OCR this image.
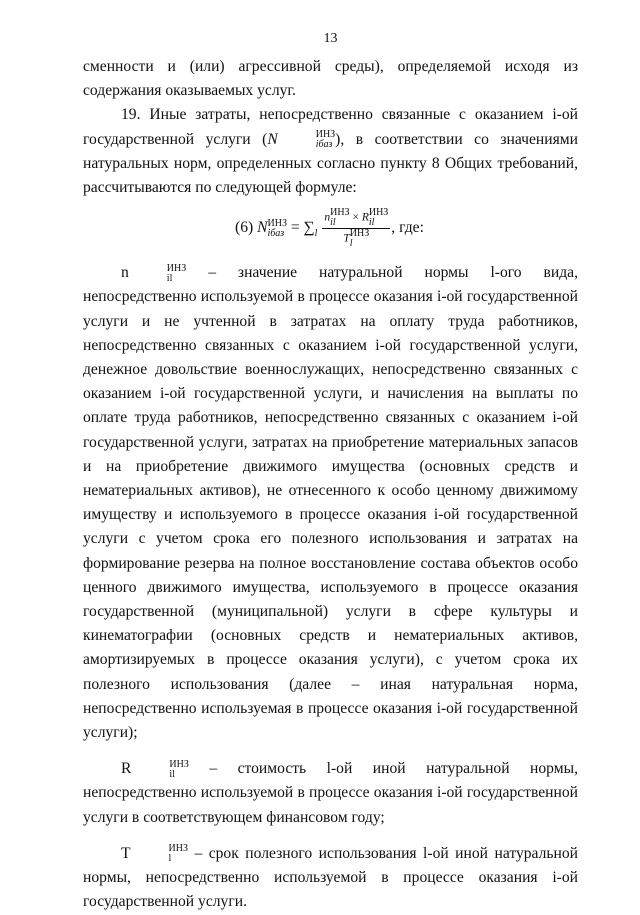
13

сменности и (или) агрессивной среды), определяемой исходя из содержания оказываемых услуг.

19. Иные затраты, непосредственно связанные с оказанием i-ой государственной услуги (N	ИНЗ
iбаз ), в соответствии со значениями натуральных норм, определенных согласно пункту 8 Общих требований, рассчитываются по следующей формуле:

(6) N ИНЗ
iбаз = $\sum_l$ n ИНЗ
il	× R ИНЗ
il
T ИНЗ
l , где:

n	ИНЗ
il – значение натуральной нормы l-ого вида, непосредственно используемой в процессе оказания i-ой государственной услуги и не учтенной в затратах на оплату труда работников, непосредственно связанных с оказанием i-ой государственной услуги, денежное довольствие военнослужащих, непосредственно связанных с оказанием i-ой государственной услуги, и начисления на выплаты по оплате труда работников, непосредственно связанных с оказанием i-ой государственной услуги, затратах на приобретение материальных запасов и на приобретение движимого имущества (основных средств и нематериальных активов), не отнесенного к особо ценному движимому имуществу и используемого в процессе оказания i-ой государственной услуги с учетом срока его полезного использования и затратах на формирование резерва на полное восстановление состава объектов особо ценного движимого имущества, используемого в процессе оказания государственной (муниципальной) услуги в сфере культуры и кинематографии (основных средств и нематериальных активов, амортизируемых в процессе оказания услуги), с учетом срока их полезного использования (далее – иная натуральная норма, непосредственно используемая в процессе оказания i-ой государственной услуги);

R	ИНЗ
il – стоимость l-ой иной натуральной нормы, непосредственно используемой в процессе оказания i-ой государственной услуги в соответствующем финансовом году;

T	ИНЗ
l	– срок полезного использования l-ой иной натуральной нормы, непосредственно используемой в процессе оказания i-ой государственной услуги.
